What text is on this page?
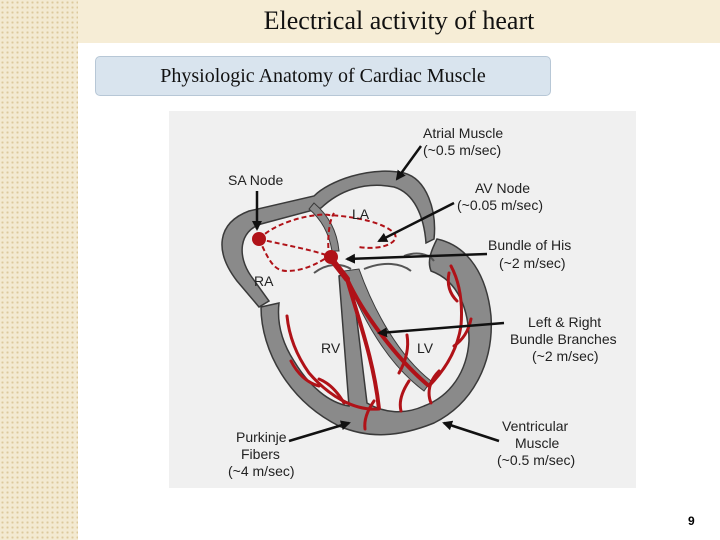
Electrical activity of heart
Physiologic Anatomy of Cardiac Muscle
Atrial Muscle
(~0.5 m/sec)
SA Node	AV Node
(~0.05 m/sec)
LA
Bundle of His
(~2 m/sec)
RA
Left & Right
Bundle Branches
(~2 m/sec)
RV	LV
Purkinje
Fibers
(~4 m/sec)
Ventricular
Muscle
(~0.5 m/sec)
9
